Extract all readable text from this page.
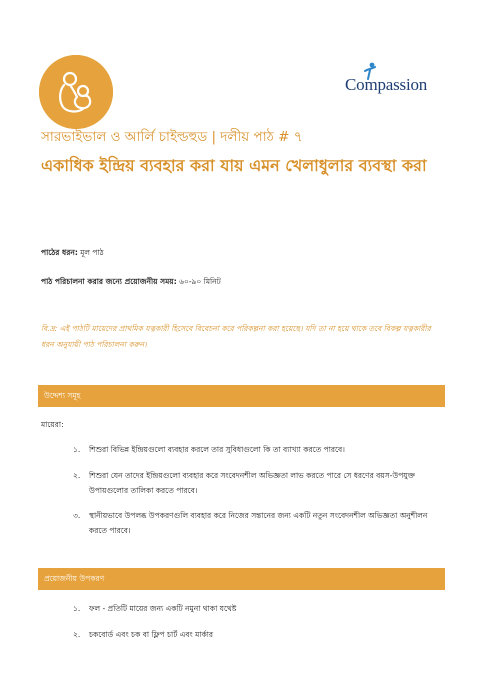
Compassion
সারভাইভাল ও আর্লি চাইল্ডহুড | দলীয় পাঠ # ৭
একাধিক ইন্দ্রিয় ব্যবহার করা যায় এমন খেলাধুলার ব্যবস্থা করা
পাঠের ধরন: মূল পাঠ
পাঠ পরিচালনা করার জন্যে প্রয়োজনীয় সময়: ৬০-৯০ মিনিট
বি.দ্র: এই পাঠটি মায়েদের প্রাথমিক যত্নকারী হিসেবে বিবেচনা করে পরিকল্পনা করা হয়েছে। যদি তা না হয়ে থাকে তবে বিকল্প যত্নকারীর ধরন অনুযায়ী পাঠ পরিচালনা করুন।
উদ্দেশ্য সমূহ
মায়েরা:
১. শিশুরা বিভিন্ন ইন্দ্রিয়গুলো ব্যবহার করলে তার সুবিধাগুলো কি তা ব্যাখ্যা করতে পারবে।
২. শিশুরা যেন তাদের ইন্দ্রিয়গুলো ব্যবহার করে সংবেদনশীল অভিজ্ঞতা লাভ করতে পারে সে ধরণের বয়স-উপযুক্ত উপায়গুলোর তালিকা করতে পারবে।
৩. স্থানীয়ভাবে উপলব্ধ উপকরণগুলি ব্যবহার করে নিজের সন্তানের জন্য একটি নতুন সংবেদনশীল অভিজ্ঞতা অনুশীলন করতে পারবে।
প্রয়োজনীয় উপকরণ
১. ফল - প্রতিটি মায়ের জন্য একটি নমুনা থাকা যথেষ্ট
২. চকবোর্ড এবং চক বা ফ্লিপ চার্ট এবং মার্কার
